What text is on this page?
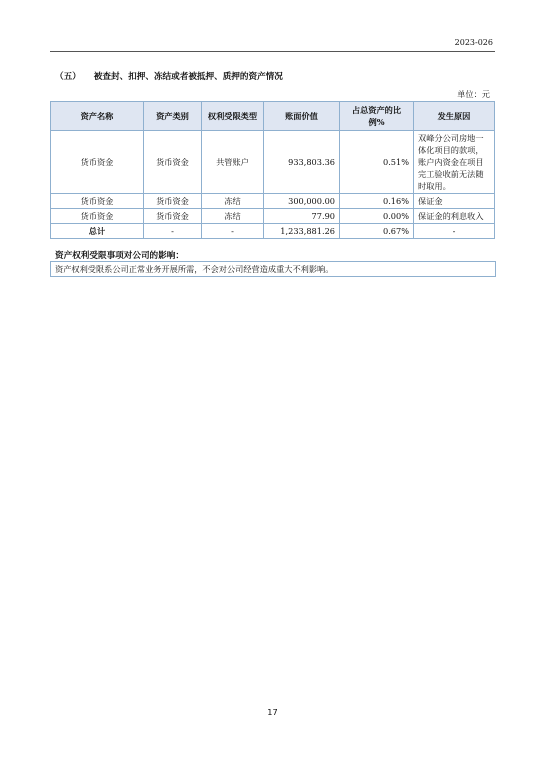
2023-026
（五） 被查封、扣押、冻结或者被抵押、质押的资产情况
单位：元
资产名称	资产类别	权利受限类型	账面价值	占总资产的比例%	发生原因
货币资金	货币资金	共管账户	933,803.36	0.51%	双峰分公司房地一体化项目的款项，账户内资金在项目完工验收前无法随时取用。
货币资金	货币资金	冻结	300,000.00	0.16%	保证金
货币资金	货币资金	冻结	77.90	0.00%	保证金的利息收入
总计	-	-	1,233,881.26	0.67%	-
资产权利受限事项对公司的影响：
资产权利受限系公司正常业务开展所需，不会对公司经营造成重大不利影响。
17
